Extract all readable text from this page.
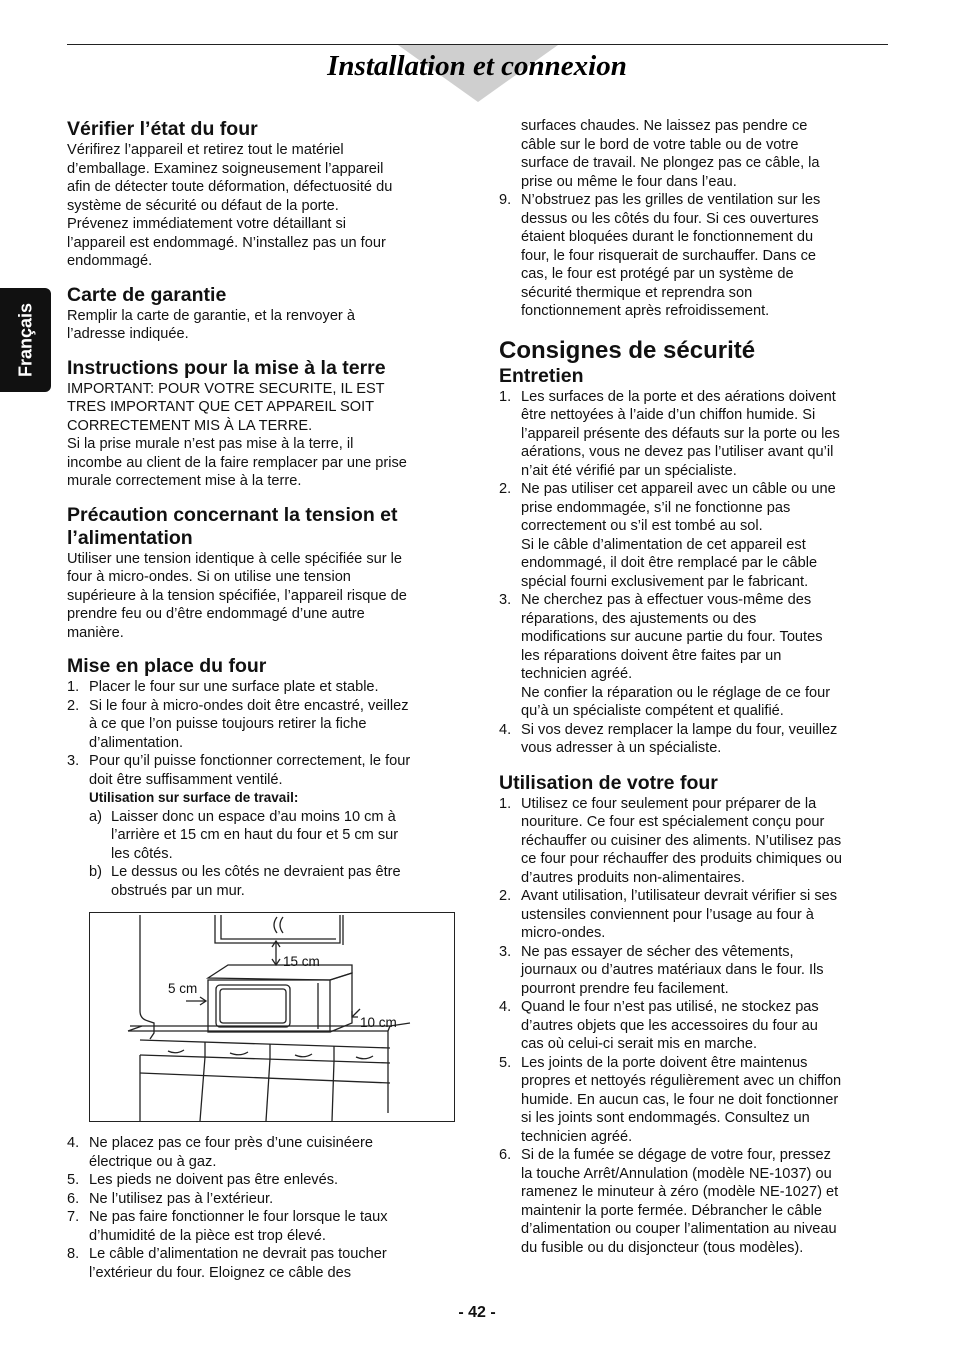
Installation et connexion
Français
Vérifier l’état du four
Vérifirez l’appareil et retirez tout le matériel
d’emballage. Examinez soigneusement l’appareil
afin de détecter toute déformation, défectuosité du
système de sécurité ou défaut de la porte.
Prévenez immédiatement votre détaillant si
l’appareil est endommagé. N’installez pas un four
endommagé.
Carte de garantie
Remplir la carte de garantie, et la renvoyer à
l’adresse indiquée.
Instructions pour la mise à la terre
IMPORTANT: POUR VOTRE SECURITE, IL EST
TRES IMPORTANT QUE CET APPAREIL SOIT
CORRECTEMENT MIS À LA TERRE.
Si la prise murale n’est pas mise à la terre, il
incombe au client de la faire remplacer par une prise
murale correctement mise à la terre.
Précaution concernant la tension et
l’alimentation
Utiliser une tension identique à celle spécifiée sur le
four à micro-ondes. Si on utilise une tension
supérieure à la tension spécifiée, l’appareil risque de
prendre feu ou d’être endommagé d’une autre
manière.
Mise en place du four
1. Placer le four sur une surface plate et stable.
2. Si le four à micro-ondes doit être encastré, veillez
à ce que l’on puisse toujours retirer la fiche
d’alimentation.
3. Pour qu’il puisse fonctionner correctement, le four
doit être suffisamment ventilé.
Utilisation sur surface de travail:
a) Laisser donc un espace d’au moins 10 cm à
l’arrière et 15 cm en haut du four et 5 cm sur
les côtés.
b) Le dessus ou les côtés ne devraient pas être
obstrués par un mur.
15 cm
5 cm
10 cm
4. Ne placez pas ce four près d’une cuisinéere
électrique ou à gaz.
5. Les pieds ne doivent pas être enlevés.
6. Ne l’utilisez pas à l’extérieur.
7. Ne pas faire fonctionner le four lorsque le taux
d’humidité de la pièce est trop élevé.
8. Le câble d’alimentation ne devrait pas toucher
l’extérieur du four. Eloignez ce câble des
surfaces chaudes. Ne laissez pas pendre ce
câble sur le bord de votre table ou de votre
surface de travail. Ne plongez pas ce câble, la
prise ou même le four dans l’eau.
9. N’obstruez pas les grilles de ventilation sur les
dessus ou les côtés du four. Si ces ouvertures
étaient bloquées durant le fonctionnement du
four, le four risquerait de surchauffer. Dans ce
cas, le four est protégé par un système de
sécurité thermique et reprendra son
fonctionnement après refroidissement.
Consignes de sécurité
Entretien
1. Les surfaces de la porte et des aérations doivent
être nettoyées à l’aide d’un chiffon humide. Si
l’appareil présente des défauts sur la porte ou les
aérations, vous ne devez pas l’utiliser avant qu’il
n’ait été vérifié par un spécialiste.
2. Ne pas utiliser cet appareil avec un câble ou une
prise endommagée, s’il ne fonctionne pas
correctement ou s’il est tombé au sol.
Si le câble d’alimentation de cet appareil est
endommagé, il doit être remplacé par le câble
spécial fourni exclusivement par le fabricant.
3. Ne cherchez pas à effectuer vous-même des
réparations, des ajustements ou des
modifications sur aucune partie du four. Toutes
les réparations doivent être faites par un
technicien agréé.
Ne confier la réparation ou le réglage de ce four
qu’à un spécialiste compétent et qualifié.
4. Si vos devez remplacer la lampe du four, veuillez
vous adresser à un spécialiste.
Utilisation de votre four
1. Utilisez ce four seulement pour préparer de la
nouriture. Ce four est spécialement conçu pour
réchauffer ou cuisiner des aliments. N’utilisez pas
ce four pour réchauffer des produits chimiques ou
d’autres produits non-alimentaires.
2. Avant utilisation, l’utilisateur devrait vérifier si ses
ustensiles conviennent pour l’usage au four à
micro-ondes.
3. Ne pas essayer de sécher des vêtements,
journaux ou d’autres matériaux dans le four. Ils
pourront prendre feu facilement.
4. Quand le four n’est pas utilisé, ne stockez pas
d’autres objets que les accessoires du four au
cas où celui-ci serait mis en marche.
5. Les joints de la porte doivent être maintenus
propres et nettoyés régulièrement avec un chiffon
humide. En aucun cas, le four ne doit fonctionner
si les joints sont endommagés. Consultez un
technicien agréé.
6. Si de la fumée se dégage de votre four, pressez
la touche Arrêt/Annulation (modèle NE-1037) ou
ramenez le minuteur à zéro (modèle NE-1027) et
maintenir la porte fermée. Débrancher le câble
d’alimentation ou couper l’alimentation au niveau
du fusible ou du disjoncteur (tous modèles).
- 42 -
